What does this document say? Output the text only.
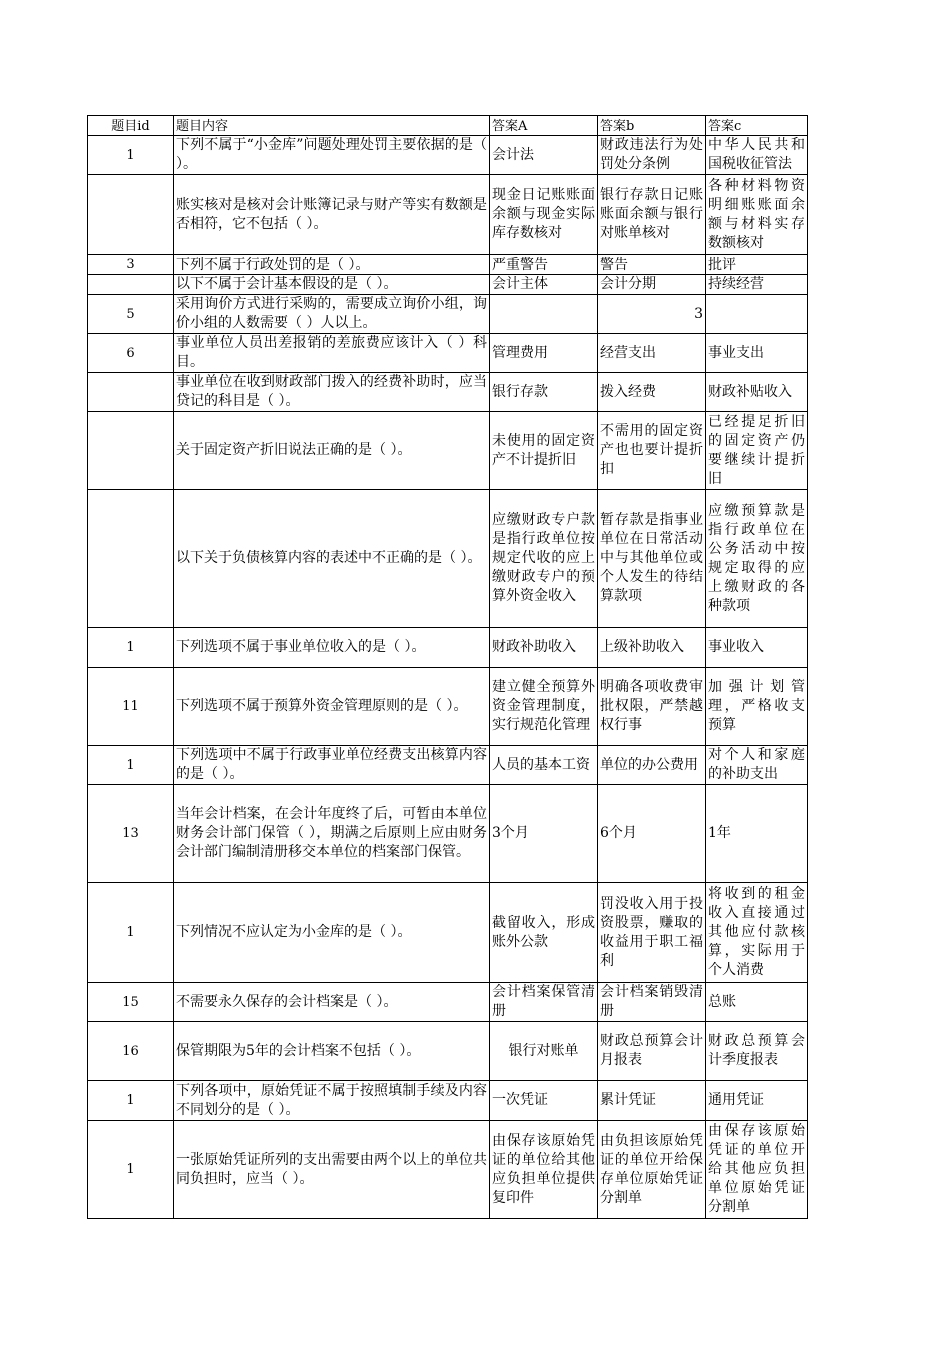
题目id	题目内容	答案A	答案b	答案c
1	下列不属于“小金库”问题处理处罚主要依据的是（ ）。	会计法	财政违法行为处罚处分条例	中华人民共和国税收征管法

	账实核对是核对会计账簿记录与财产等实有数额是否相符，它不包括（ ）。	现金日记账账面余额与现金实际库存数核对	银行存款日记账账面余额与银行对账单核对	各种材料物资明细账账面余额与材料实存数额核对

3	下列不属于行政处罚的是（ ）。	严重警告	警告	批评

	以下不属于会计基本假设的是（ ）。	会计主体	会计分期	持续经营

5	采用询价方式进行采购的，需要成立询价小组，询价小组的人数需要（ ）人以上。		3	

6	事业单位人员出差报销的差旅费应该计入（ ）科目。	管理费用	经营支出	事业支出

	事业单位在收到财政部门拨入的经费补助时，应当贷记的科目是（ ）。	银行存款	拨入经费	财政补贴收入

	关于固定资产折旧说法正确的是（ ）。	未使用的固定资产不计提折旧	不需用的固定资产也也要计提折扣	已经提足折旧的固定资产仍要继续计提折旧

	以下关于负债核算内容的表述中不正确的是（ ）。	应缴财政专户款是指行政单位按规定代收的应上缴财政专户的预算外资金收入	暂存款是指事业单位在日常活动中与其他单位或个人发生的待结算款项	应缴预算款是指行政单位在公务活动中按规定取得的应上缴财政的各种款项

1	下列选项不属于事业单位收入的是（ ）。	财政补助收入	上级补助收入	事业收入

11	下列选项不属于预算外资金管理原则的是（ ）。	建立健全预算外资金管理制度，实行规范化管理	明确各项收费审批权限，严禁越权行事	加强计划管理，严格收支预算

1	下列选项中不属于行政事业单位经费支出核算内容的是（ ）。	人员的基本工资	单位的办公费用	对个人和家庭的补助支出

13	当年会计档案，在会计年度终了后，可暂由本单位财务会计部门保管（ ），期满之后原则上应由财务会计部门编制清册移交本单位的档案部门保管。	3个月	6个月	1年

1	下列情况不应认定为小金库的是（ ）。	截留收入，形成账外公款	罚没收入用于投资股票，赚取的收益用于职工福利	将收到的租金收入直接通过其他应付款核算，实际用于个人消费

15	不需要永久保存的会计档案是（ ）。	会计档案保管清册	会计档案销毁清册	总账

16	保管期限为5年的会计档案不包括（ ）。	银行对账单	财政总预算会计月报表	财政总预算会计季度报表

1	下列各项中，原始凭证不属于按照填制手续及内容不同划分的是（ ）。	一次凭证	累计凭证	通用凭证

1	一张原始凭证所列的支出需要由两个以上的单位共同负担时，应当（ ）。	由保存该原始凭证的单位给其他应负担单位提供复印件	由负担该原始凭证的单位开给保存单位原始凭证分割单	由保存该原始凭证的单位开给其他应负担单位原始凭证分割单
